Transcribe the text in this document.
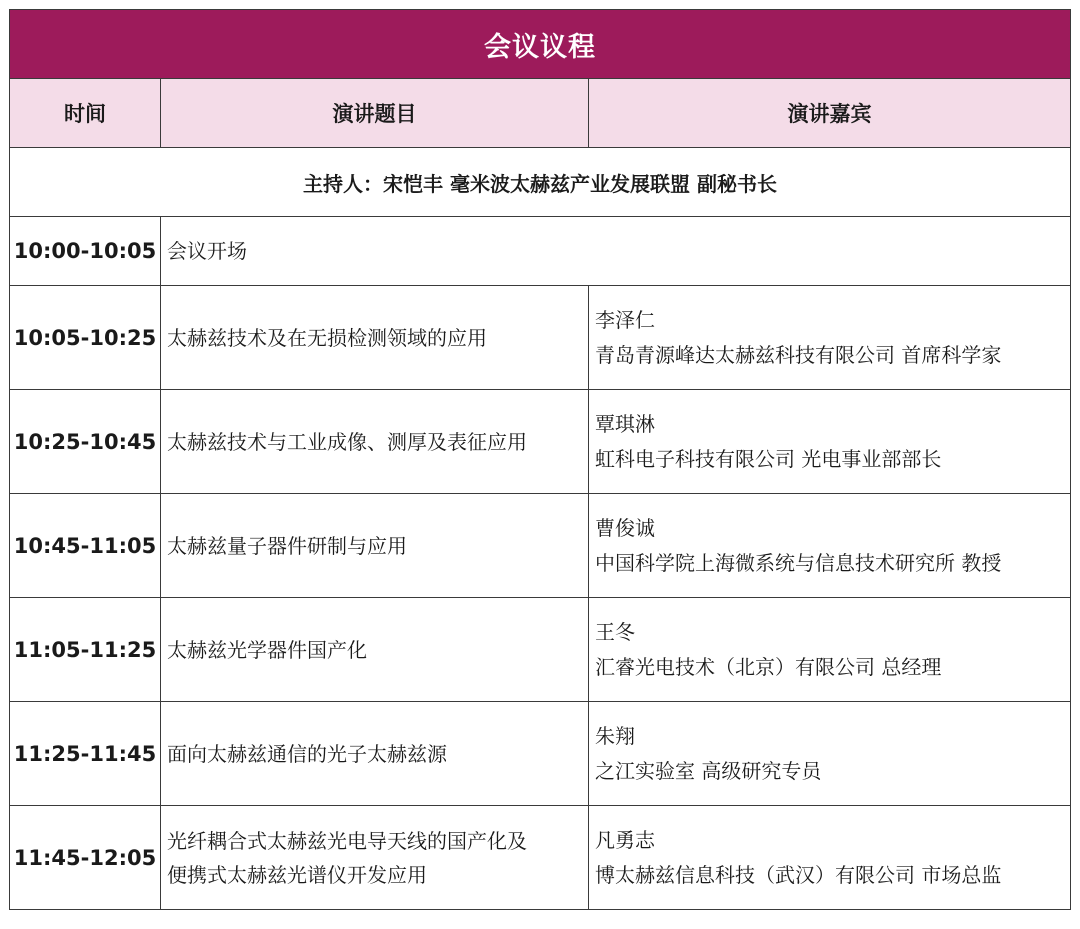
会议议程		
时间	演讲题目	演讲嘉宾
主持人：宋恺丰 毫米波太赫兹产业发展联盟 副秘书长		
10:00-10:05	会议开场	
10:05-10:25	太赫兹技术及在无损检测领域的应用	李泽仁
青岛青源峰达太赫兹科技有限公司 首席科学家

10:25-10:45	太赫兹技术与工业成像、测厚及表征应用	覃琪淋
虹科电子科技有限公司 光电事业部部长

10:45-11:05	太赫兹量子器件研制与应用	曹俊诚
中国科学院上海微系统与信息技术研究所 教授

11:05-11:25	太赫兹光学器件国产化	王冬
汇睿光电技术（北京）有限公司 总经理

11:25-11:45	面向太赫兹通信的光子太赫兹源	朱翔
之江实验室 高级研究专员

11:45-12:05	光纤耦合式太赫兹光电导天线的国产化及
便携式太赫兹光谱仪开发应用	凡勇志
博太赫兹信息科技（武汉）有限公司 市场总监
